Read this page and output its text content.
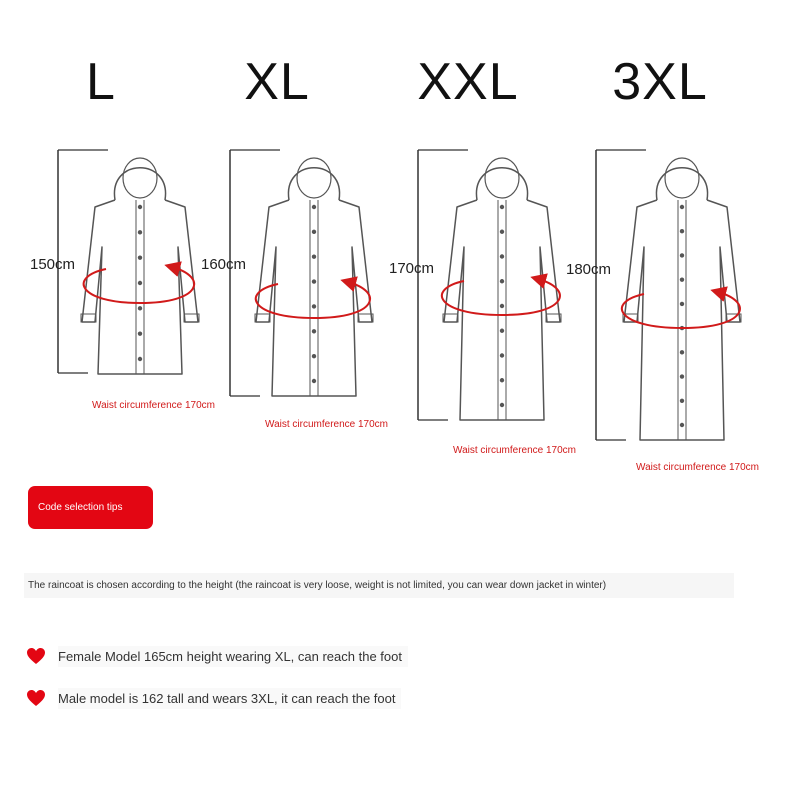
L XL XXL 3XL
150cm	160cm	170cm	180cm
Waist circumference 170cm
Waist circumference 170cm
Waist circumference 170cm
Waist circumference 170cm
Code selection tips
The raincoat is chosen according to the height (the raincoat is very loose, weight is not limited, you can wear down jacket in winter)
Female Model 165cm height wearing XL, can reach the foot
Male model is 162 tall and wears 3XL, it can reach the foot
